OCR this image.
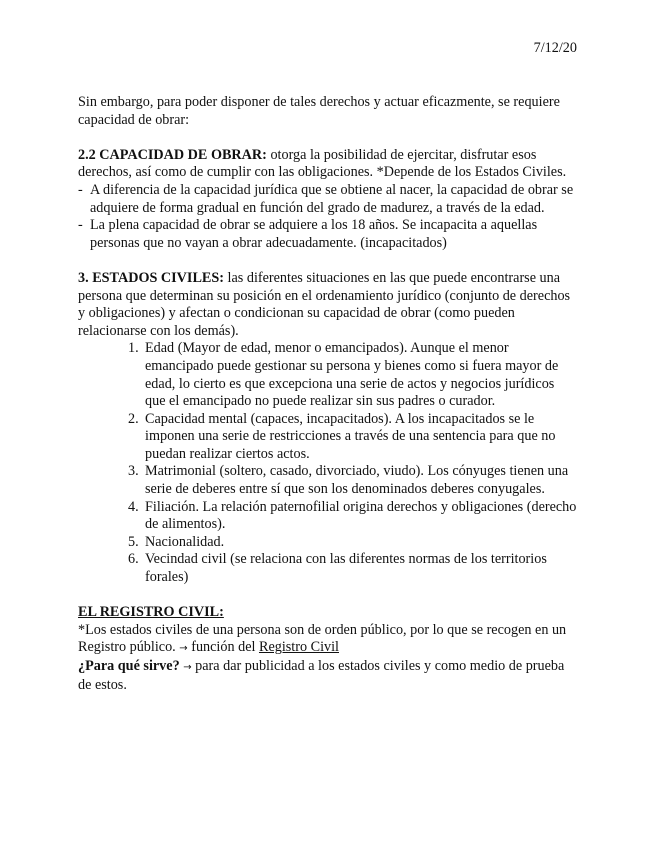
7/12/20

Sin embargo, para poder disponer de tales derechos y actuar eficazmente, se requiere capacidad de obrar:

2.2 CAPACIDAD DE OBRAR: otorga la posibilidad de ejercitar, disfrutar esos derechos, así como de cumplir con las obligaciones. *Depende de los Estados Civiles.

- A diferencia de la capacidad jurídica que se obtiene al nacer, la capacidad de obrar se adquiere de forma gradual en función del grado de madurez, a través de la edad.
- La plena capacidad de obrar se adquiere a los 18 años. Se incapacita a aquellas personas que no vayan a obrar adecuadamente. (incapacitados)

3. ESTADOS CIVILES: las diferentes situaciones en las que puede encontrarse una persona que determinan su posición en el ordenamiento jurídico (conjunto de derechos y obligaciones) y afectan o condicionan su capacidad de obrar (como pueden relacionarse con los demás).

1. Edad (Mayor de edad, menor o emancipados). Aunque el menor emancipado puede gestionar su persona y bienes como si fuera mayor de edad, lo cierto es que excepciona una serie de actos y negocios jurídicos que el emancipado no puede realizar sin sus padres o curador.
2. Capacidad mental (capaces, incapacitados). A los incapacitados se le imponen una serie de restricciones a través de una sentencia para que no puedan realizar ciertos actos.
3. Matrimonial (soltero, casado, divorciado, viudo). Los cónyuges tienen una serie de deberes entre sí que son los denominados deberes conyugales.
4. Filiación. La relación paternofilial origina derechos y obligaciones (derecho de alimentos).
5. Nacionalidad.
6. Vecindad civil (se relaciona con las diferentes normas de los territorios forales)

EL REGISTRO CIVIL:

*Los estados civiles de una persona son de orden público, por lo que se recogen en un Registro público. → función del Registro Civil

¿Para qué sirve? → para dar publicidad a los estados civiles y como medio de prueba de estos.
